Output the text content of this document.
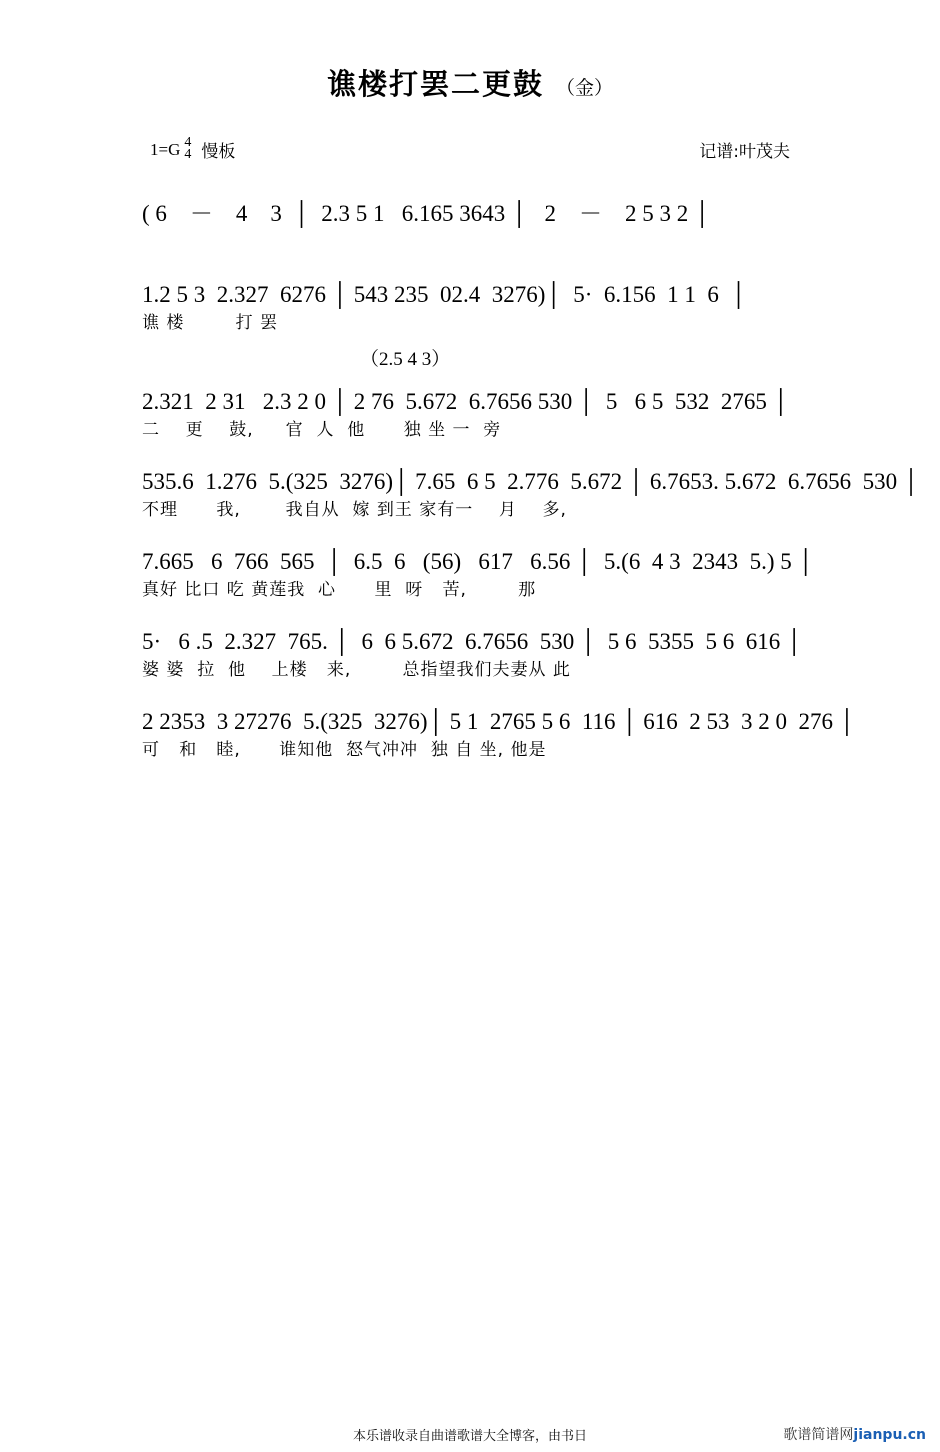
谯楼打罢二更鼓 （金）
1=G 4
4 慢板	记谱:叶茂夫
( 6    －    4    3  │  2.3 5 1   6.165 3643 │   2    －    2 5 3 2 │
1.2 5 3  2.327  6276 │ 543 235  02.4  3276)│  5·  6.156  1 1  6  │
谯 楼        打 罢
（2.5 4 3）
2.321  2 31   2.3 2 0 │ 2 76  5.672  6.7656 530 │  5   6 5  532  2765 │
二    更    鼓,     官  人  他      独 坐 一  旁
535.6  1.276  5.(325  3276)│ 7.65  6 5  2.776  5.672 │ 6.7653. 5.672  6.7656  530 │
不理      我,       我自从  嫁 到王 家有一    月    多,
7.665   6  766  565  │  6.5  6   (56)   617   6.56 │  5.(6  4 3  2343  5.) 5 │
真好 比口 吃 黄莲我  心      里  呀   苦,        那
5·   6 .5  2.327  765. │  6  6 5.672  6.7656  530 │  5 6  5355  5 6  616 │
婆 婆  拉  他    上楼   来,        总指望我们夫妻从 此
2 2353  3 27276  5.(325  3276)│ 5 1  2765 5 6  116 │ 616  2 53  3 2 0  276 │
可   和   睦,      谁知他  怒气冲冲  独 自 坐, 他是
本乐谱收录自曲谱歌谱大全博客，由书日	歌谱简谱网jianpu.cn
